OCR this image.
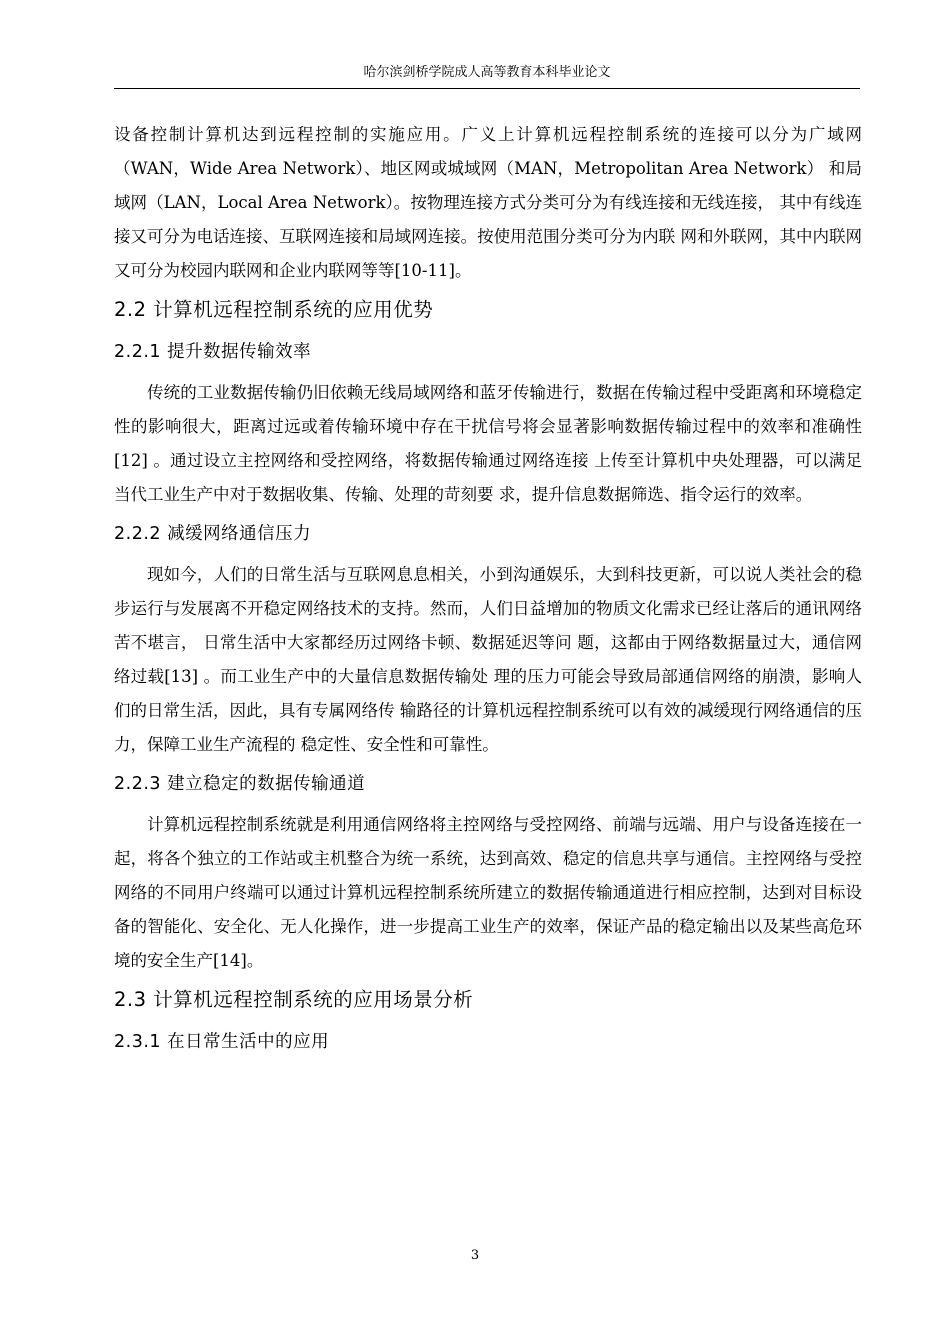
哈尔滨剑桥学院成人高等教育本科毕业论文

设备控制计算机达到远程控制的实施应用。广义上计算机远程控制系统的连接可以分为广域网（WAN，Wide Area Network）、地区网或城域网（MAN，Metropolitan Area Network） 和局域网（LAN，Local Area Network）。按物理连接方式分类可分为有线连接和无线连接， 其中有线连接又可分为电话连接、互联网连接和局域网连接。按使用范围分类可分为内联 网和外联网，其中内联网又可分为校园内联网和企业内联网等等[10-11]。

2.2 计算机远程控制系统的应用优势
2.2.1 提升数据传输效率

传统的工业数据传输仍旧依赖无线局域网络和蓝牙传输进行，数据在传输过程中受距离和环境稳定性的影响很大，距离过远或着传输环境中存在干扰信号将会显著影响数据传输过程中的效率和准确性[12] 。通过设立主控网络和受控网络，将数据传输通过网络连接 上传至计算机中央处理器，可以满足当代工业生产中对于数据收集、传输、处理的苛刻要 求，提升信息数据筛选、指令运行的效率。

2.2.2 减缓网络通信压力

现如今，人们的日常生活与互联网息息相关，小到沟通娱乐，大到科技更新，可以说人类社会的稳步运行与发展离不开稳定网络技术的支持。然而，人们日益增加的物质文化需求已经让落后的通讯网络苦不堪言， 日常生活中大家都经历过网络卡顿、数据延迟等问 题，这都由于网络数据量过大，通信网络过载[13] 。而工业生产中的大量信息数据传输处 理的压力可能会导致局部通信网络的崩溃，影响人们的日常生活，因此，具有专属网络传 输路径的计算机远程控制系统可以有效的减缓现行网络通信的压力，保障工业生产流程的 稳定性、安全性和可靠性。

2.2.3 建立稳定的数据传输通道

计算机远程控制系统就是利用通信网络将主控网络与受控网络、前端与远端、用户与设备连接在一起，将各个独立的工作站或主机整合为统一系统，达到高效、稳定的信息共享与通信。主控网络与受控网络的不同用户终端可以通过计算机远程控制系统所建立的数据传输通道进行相应控制，达到对目标设备的智能化、安全化、无人化操作，进一步提高工业生产的效率，保证产品的稳定输出以及某些高危环境的安全生产[14]。

2.3 计算机远程控制系统的应用场景分析
2.3.1 在日常生活中的应用
3
